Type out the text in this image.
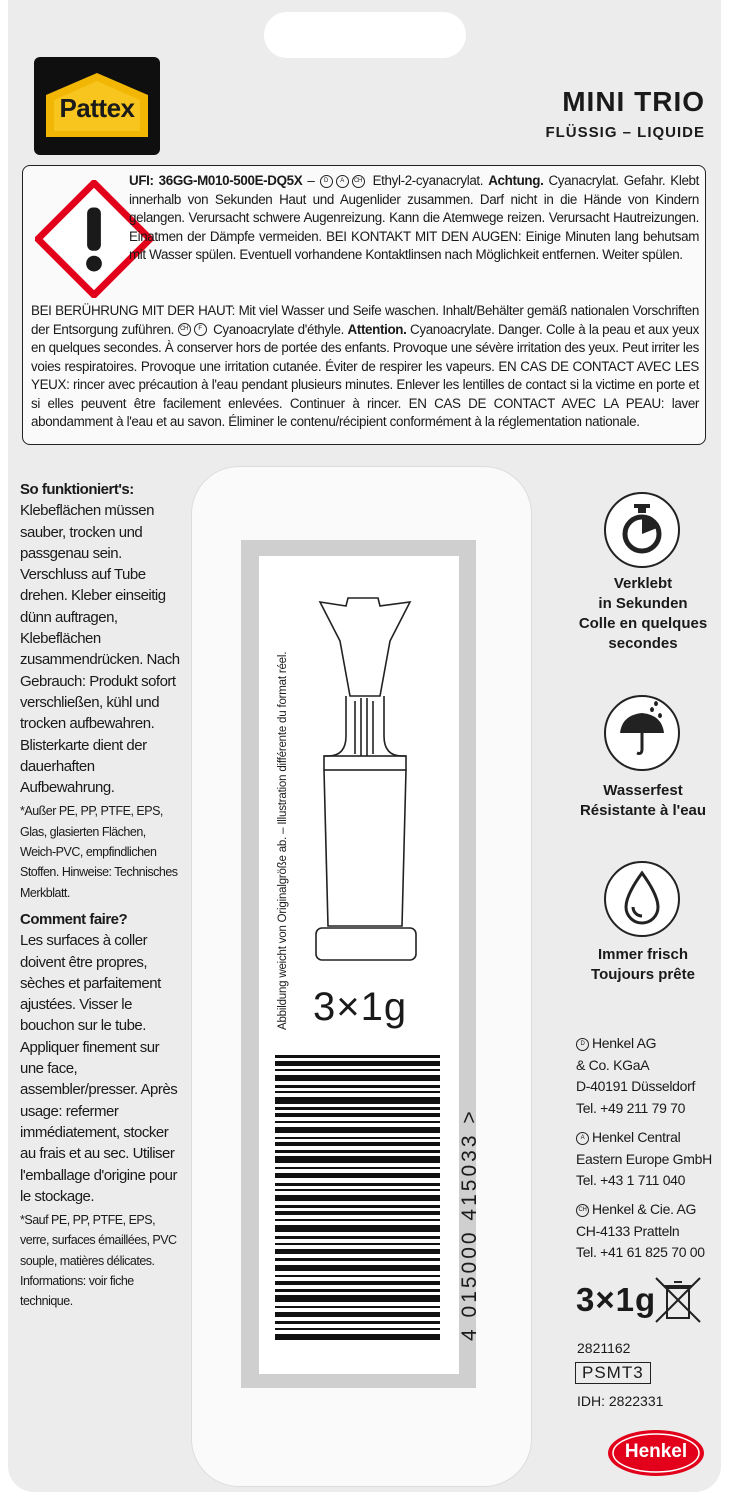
Pattex	MINI TRIO
FLÜSSIG – LIQUIDE
UFI: 36GG-M010-500E-DQ5X – D A CH Ethyl-2-cyanacrylat. Achtung. Cyanacrylat. Gefahr. Klebt innerhalb von Sekunden Haut und Augenlider zusammen. Darf nicht in die Hände von Kindern gelangen. Verursacht schwere Augenreizung. Kann die Atemwege reizen. Verursacht Hautreizungen. Einatmen der Dämpfe vermeiden. BEI KONTAKT MIT DEN AUGEN: Einige Minuten lang behutsam mit Wasser spülen. Eventuell vorhandene Kontaktlinsen nach Möglichkeit entfernen. Weiter spülen.
BEI BERÜHRUNG MIT DER HAUT: Mit viel Wasser und Seife waschen. Inhalt/Behälter gemäß nationalen Vorschriften der Entsorgung zuführen. CH F Cyanoacrylate d'éthyle. Attention. Cyanoacrylate. Danger. Colle à la peau et aux yeux en quelques secondes. À conserver hors de portée des enfants. Provoque une sévère irritation des yeux. Peut irriter les voies respiratoires. Provoque une irritation cutanée. Éviter de respirer les vapeurs. EN CAS DE CONTACT AVEC LES YEUX: rincer avec précaution à l'eau pendant plusieurs minutes. Enlever les lentilles de contact si la victime en porte et si elles peuvent être facilement enlevées. Continuer à rincer. EN CAS DE CONTACT AVEC LA PEAU: laver abondamment à l'eau et au savon. Éliminer le contenu/récipient conformément à la réglementation nationale.
So funktioniert's:
Klebeflächen müssen sauber, trocken und passgenau sein. Verschluss auf Tube drehen. Kleber einseitig dünn auftragen, Klebeflächen zusammendrücken. Nach Gebrauch: Produkt sofort verschließen, kühl und trocken aufbewahren. Blisterkarte dient der dauerhaften Aufbewahrung.
*Außer PE, PP, PTFE, EPS, Glas, glasierten Flächen, Weich-PVC, empfindlichen Stoffen. Hinweise: Technisches Merkblatt.
Comment faire?
Les surfaces à coller doivent être propres, sèches et parfaitement ajustées. Visser le bouchon sur le tube. Appliquer finement sur une face, assembler/presser. Après usage: refermer immédiatement, stocker au frais et au sec. Utiliser l'emballage d'origine pour le stockage.
*Sauf PE, PP, PTFE, EPS, verre, surfaces émaillées, PVC souple, matières délicates. Informations: voir fiche technique.
Abbildung weicht von Originalgröße ab. – Illustration différente du format réel. 3×1g
4 015000 415033 >
Verklebt
in Sekunden
Colle en quelques
secondes
Wasserfest
Résistante à l'eau
Immer frisch
Toujours prête
D Henkel AG
& Co. KGaA
D-40191 Düsseldorf
Tel. +49 211 79 70
A Henkel Central
Eastern Europe GmbH
Tel. +43 1 711 040
CH Henkel & Cie. AG
CH-4133 Pratteln
Tel. +41 61 825 70 00
3×1g
2821162
PSMT3
IDH: 2822331
Henkel
